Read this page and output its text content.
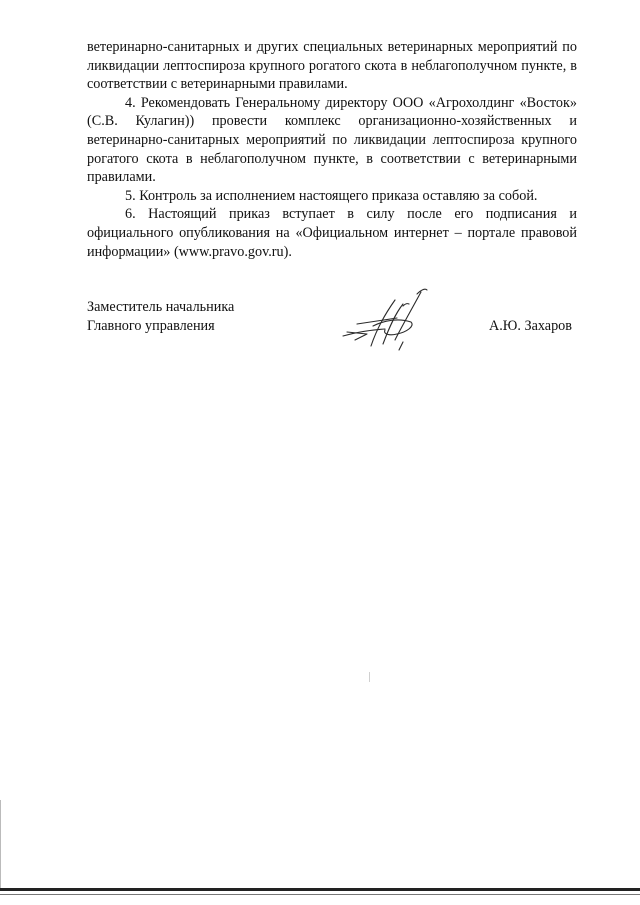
ветеринарно-санитарных и других специальных ветеринарных мероприятий по ликвидации лептоспироза крупного рогатого скота в неблагополучном пункте, в соответствии с ветеринарными правилами.

4. Рекомендовать Генеральному директору ООО «Агрохолдинг «Восток» (С.В. Кулагин)) провести комплекс организационно-хозяйственных и ветеринарно-санитарных мероприятий по ликвидации лептоспироза крупного рогатого скота в неблагополучном пункте, в соответствии с ветеринарными правилами.

5. Контроль за исполнением настоящего приказа оставляю за собой.

6. Настоящий приказ вступает в силу после его подписания и официального опубликования на «Официальном интернет – портале правовой информации» (www.pravo.gov.ru).

Заместитель начальника
Главного управления	А.Ю. Захаров
